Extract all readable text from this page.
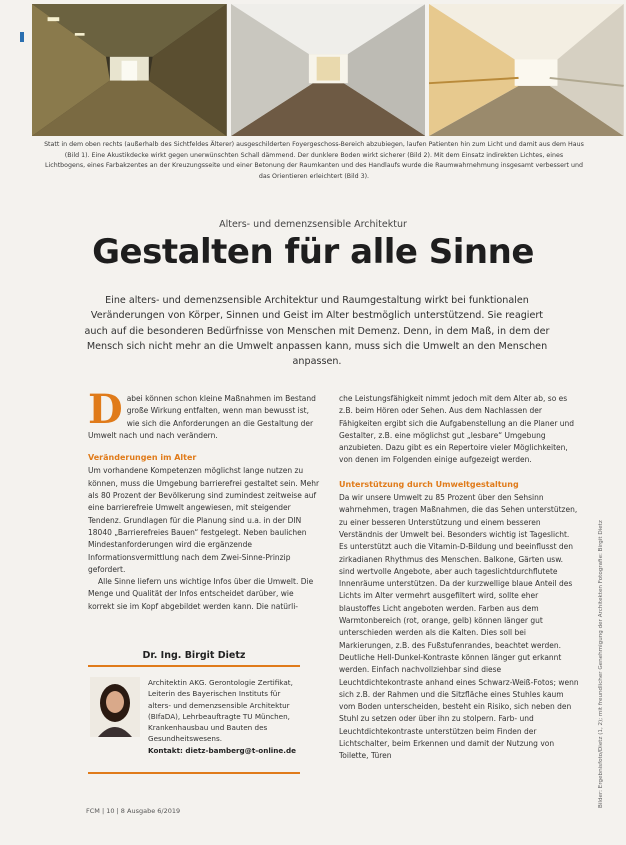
Statt in dem oben rechts (außerhalb des Sichtfeldes Älterer) ausgeschilderten Foyergeschoss-Bereich abzubiegen, laufen Patienten hin zum Licht und damit aus dem Haus (Bild 1). Eine Akustikdecke wirkt gegen unerwünschten Schall dämmend. Der dunklere Boden wirkt sicherer (Bild 2). Mit dem Einsatz indirekten Lichtes, eines Lichtbogens, eines Farbakzentes an der Kreuzungsseite und einer Betonung der Raumkanten und des Handlaufs wurde die Raumwahrnehmung insgesamt verbessert und das Orientieren erleichtert (Bild 3).
Alters- und demenzsensible Architektur
Gestalten für alle Sinne
Eine alters- und demenzsensible Architektur und Raumgestaltung wirkt bei funktionalen Veränderungen von Körper, Sinnen und Geist im Alter bestmöglich unterstützend. Sie reagiert auch auf die besonderen Bedürfnisse von Menschen mit Demenz. Denn, in dem Maß, in dem der Mensch sich nicht mehr an die Umwelt anpassen kann, muss sich die Umwelt an den Menschen anpassen.

Dabei können schon kleine Maßnahmen im Bestand große Wirkung entfalten, wenn man bewusst ist, wie sich die Anforderungen an die Gestaltung der Umwelt nach und nach verändern.

Veränderungen im Alter

Um vorhandene Kompetenzen möglichst lange nutzen zu können, muss die Umgebung barrierefrei gestaltet sein. Mehr als 80 Prozent der Bevölkerung sind zumindest zeitweise auf eine barrierefreie Umwelt angewiesen, mit steigender Tendenz. Grundlagen für die Planung sind u.a. in der DIN 18040 „Barrierefreies Bauen“ festgelegt. Neben baulichen Mindestanforderungen wird die ergänzende Informationsvermittlung nach dem Zwei-Sinne-Prinzip gefordert.

Alle Sinne liefern uns wichtige Infos über die Umwelt. Die Menge und Qualität der Infos entscheidet darüber, wie korrekt sie im Kopf abgebildet werden kann. Die natürli-

Dr. Ing. Birgit Dietz
Architektin AKG. Gerontologie Zertifikat, Leiterin des Bayerischen Instituts für alters- und demenzsensible Architektur (BIfaDA), Lehrbeauftragte TU München, Krankenhausbau und Bauten des Gesundheitswesens.
Kontakt: dietz-bamberg@t-online.de

che Leistungsfähigkeit nimmt jedoch mit dem Alter ab, so es z.B. beim Hören oder Sehen. Aus dem Nachlassen der Fähigkeiten ergibt sich die Aufgabenstellung an die Planer und Gestalter, z.B. eine möglichst gut „lesbare“ Umgebung anzubieten. Dazu gibt es ein Repertoire vieler Möglichkeiten, von denen im Folgenden einige aufgezeigt werden.

Unterstützung durch Umweltgestaltung

Da wir unsere Umwelt zu 85 Prozent über den Sehsinn wahrnehmen, tragen Maßnahmen, die das Sehen unterstützen, zu einer besseren Unterstützung und einem besseren Verständnis der Umwelt bei. Besonders wichtig ist Tageslicht. Es unterstützt auch die Vitamin-D-Bildung und beeinflusst den zirkadianen Rhythmus des Menschen. Balkone, Gärten usw. sind wertvolle Angebote, aber auch tageslichtdurchflutete Innenräume unterstützen. Da der kurzwellige blaue Anteil des Lichts im Alter vermehrt ausgefiltert wird, sollte eher blaustoffes Licht angeboten werden. Farben aus dem Warmtonbereich (rot, orange, gelb) können länger gut unterschieden werden als die Kalten. Dies soll bei Markierungen, z.B. des Fußstufenrandes, beachtet werden. Deutliche Hell-Dunkel-Kontraste können länger gut erkannt werden. Einfach nachvollziehbar sind diese Leuchtdichtekontraste anhand eines Schwarz-Weiß-Fotos; wenn sich z.B. der Rahmen und die Sitzfläche eines Stuhles kaum vom Boden unterscheiden, besteht ein Risiko, sich neben den Stuhl zu setzen oder über ihn zu stolpern. Farb- und Leuchtdichtekontraste unterstützen beim Finden der Lichtschalter, beim Erkennen und damit der Nutzung von Toilette, Türen

FCM | 10 | 8 Ausgabe 6/2019
Bilder: Ergebnisfoto/Dietz (1, 2); mit freundlicher Genehmigung der Architekten Fotografie: Birgit Dietz
